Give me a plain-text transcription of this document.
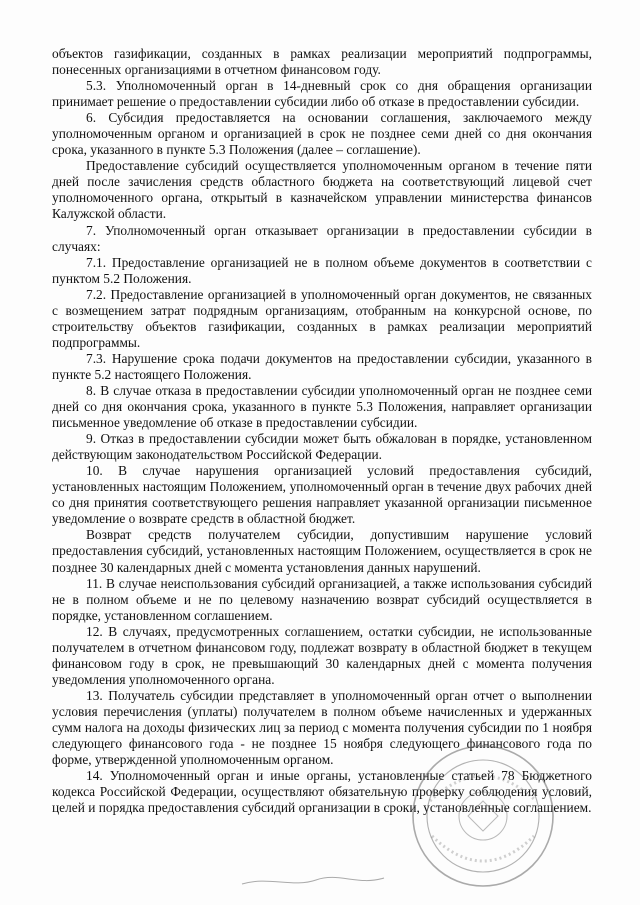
объектов газификации, созданных в рамках реализации мероприятий подпрограммы, понесенных организациями в отчетном финансовом году.

5.3. Уполномоченный орган в 14-дневный срок со дня обращения организации принимает решение о предоставлении субсидии либо об отказе в предоставлении субсидии.

6. Субсидия предоставляется на основании соглашения, заключаемого между уполномоченным органом и организацией в срок не позднее семи дней со дня окончания срока, указанного в пункте 5.3 Положения (далее – соглашение).

Предоставление субсидий осуществляется уполномоченным органом в течение пяти дней после зачисления средств областного бюджета на соответствующий лицевой счет уполномоченного органа, открытый в казначейском управлении министерства финансов Калужской области.

7. Уполномоченный орган отказывает организации в предоставлении субсидии в случаях:

7.1. Предоставление организацией не в полном объеме документов в соответствии с пунктом 5.2 Положения.

7.2. Предоставление организацией в уполномоченный орган документов, не связанных с возмещением затрат подрядным организациям, отобранным на конкурсной основе, по строительству объектов газификации, созданных в рамках реализации мероприятий подпрограммы.

7.3. Нарушение срока подачи документов на предоставлении субсидии, указанного в пункте 5.2 настоящего Положения.

8. В случае отказа в предоставлении субсидии уполномоченный орган не позднее семи дней со дня окончания срока, указанного в пункте 5.3 Положения, направляет организации письменное уведомление об отказе в предоставлении субсидии.

9. Отказ в предоставлении субсидии может быть обжалован в порядке, установленном действующим законодательством Российской Федерации.

10. В случае нарушения организацией условий предоставления субсидий, установленных настоящим Положением, уполномоченный орган в течение двух рабочих дней со дня принятия соответствующего решения направляет указанной организации письменное уведомление о возврате средств в областной бюджет.

Возврат средств получателем субсидии, допустившим нарушение условий предоставления субсидий, установленных настоящим Положением, осуществляется в срок не позднее 30 календарных дней с момента установления данных нарушений.

11. В случае неиспользования субсидий организацией, а также использования субсидий не в полном объеме и не по целевому назначению возврат субсидий осуществляется в порядке, установленном соглашением.

12. В случаях, предусмотренных соглашением, остатки субсидии, не использованные получателем в отчетном финансовом году, подлежат возврату в областной бюджет в текущем финансовом году в срок, не превышающий 30 календарных дней с момента получения уведомления уполномоченного органа.

13. Получатель субсидии представляет в уполномоченный орган отчет о выполнении условия перечисления (уплаты) получателем в полном объеме начисленных и удержанных сумм налога на доходы физических лиц за период с момента получения субсидии по 1 ноября следующего финансового года - не позднее 15 ноября следующего финансового года по форме, утвержденной уполномоченным органом.

14. Уполномоченный орган и иные органы, установленные статьей 78 Бюджетного кодекса Российской Федерации, осуществляют обязательную проверку соблюдения условий, целей и порядка предоставления субсидий организации в сроки, установленные соглашением.
